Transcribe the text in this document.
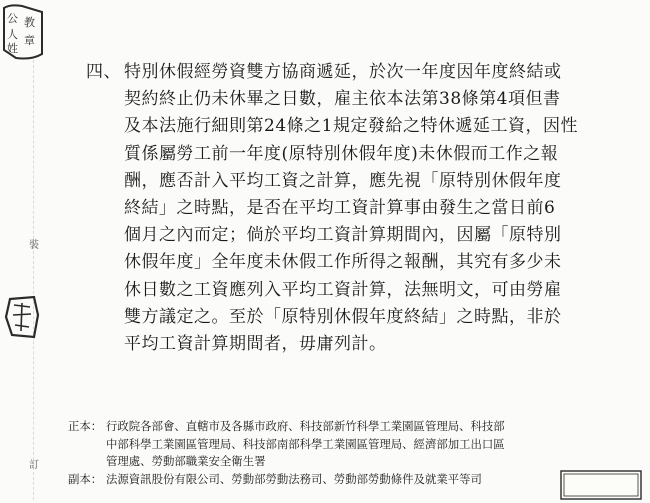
公 教
人
姓
章
裝
訂
四、 特別休假經勞資雙方協商遞延，於次一年度因年度終結或
契約終止仍未休畢之日數，雇主依本法第38條第4項但書
及本法施行細則第24條之1規定發給之特休遞延工資，因性
質係屬勞工前一年度(原特別休假年度)未休假而工作之報
酬，應否計入平均工資之計算，應先視「原特別休假年度
終結」之時點，是否在平均工資計算事由發生之當日前6
個月之內而定；倘於平均工資計算期間內，因屬「原特別
休假年度」全年度未休假工作所得之報酬，其究有多少未
休日數之工資應列入平均工資計算，法無明文，可由勞雇
雙方議定之。至於「原特別休假年度終結」之時點，非於
平均工資計算期間者，毋庸列計。
正本： 行政院各部會、直轄市及各縣市政府、科技部新竹科學工業園區管理局、科技部
中部科學工業園區管理局、科技部南部科學工業園區管理局、經濟部加工出口區
管理處、勞動部職業安全衛生署
副本： 法源資訊股份有限公司、勞動部勞動法務司、勞動部勞動條件及就業平等司
